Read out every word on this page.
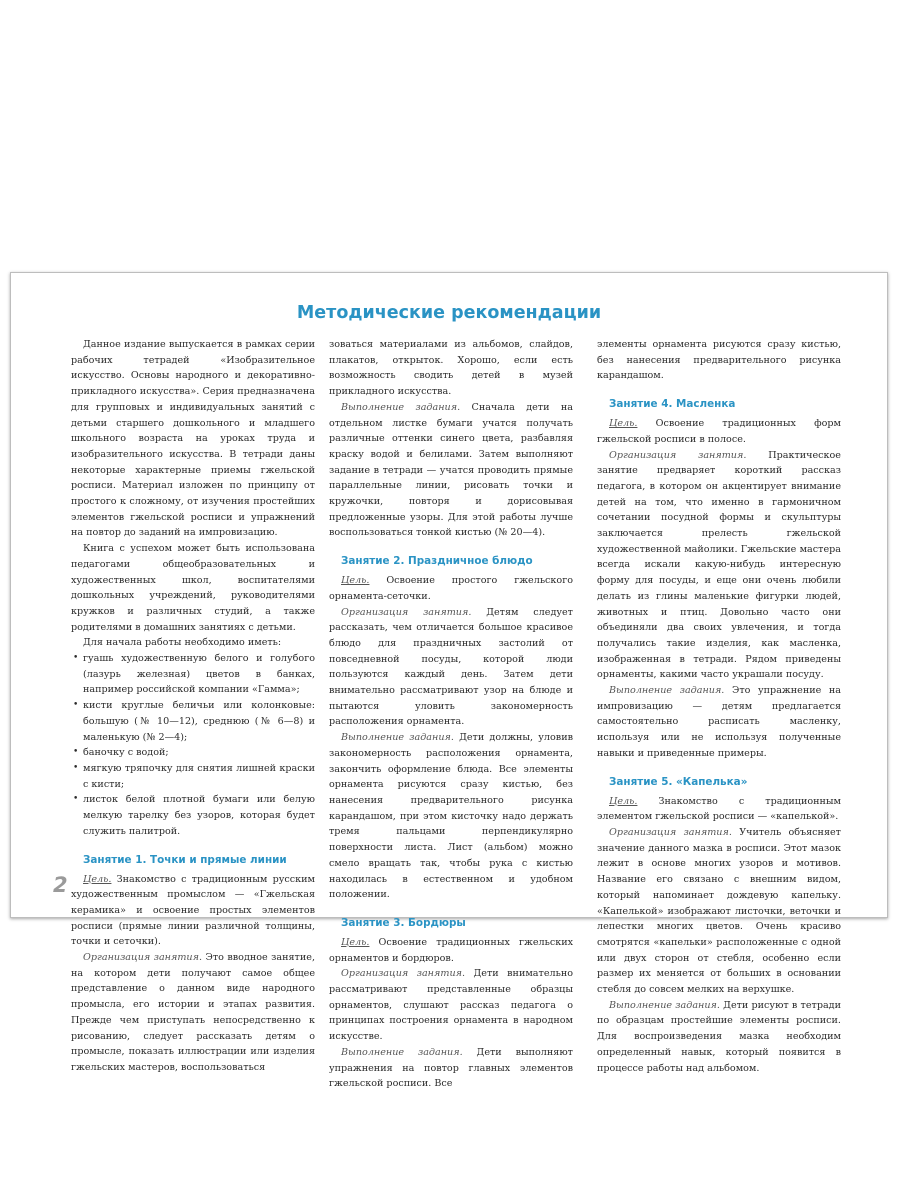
Методические рекомендации

Данное издание выпускается в рамках серии рабочих тетрадей «Изобразительное искусство. Основы народного и декоративно-прикладного искусства». Серия предназначена для групповых и индивидуальных занятий с детьми старшего дошкольного и младшего школьного возраста на уроках труда и изобразительного искусства. В тетради даны некоторые характерные приемы гжельской росписи. Материал изложен по принципу от простого к сложному, от изучения простейших элементов гжельской росписи и упражнений на повтор до заданий на импровизацию.

Книга с успехом может быть использована педагогами общеобразовательных и художественных школ, воспитателями дошкольных учреждений, руководителями кружков и различных студий, а также родителями в домашних занятиях с детьми.

Для начала работы необходимо иметь:

• гуашь художественную белого и голубого (лазурь железная) цветов в банках, например российской компании «Гамма»;

• кисти круглые беличьи или колонковые: большую (№ 10—12), среднюю (№ 6—8) и маленькую (№ 2—4);

• баночку с водой;

• мягкую тряпочку для снятия лишней краски с кисти;

• листок белой плотной бумаги или белую мелкую тарелку без узоров, которая будет служить палитрой.

Занятие 1. Точки и прямые линии

Цель. Знакомство с традиционным русским художественным промыслом — «Гжельская керамика» и освоение простых элементов росписи (прямые линии различной толщины, точки и сеточки).

Организация занятия. Это вводное занятие, на котором дети получают самое общее представление о данном виде народного промысла, его истории и этапах развития. Прежде чем приступать непосредственно к рисованию, следует рассказать детям о промысле, показать иллюстрации или изделия гжельских мастеров, воспользоваться

зоваться материалами из альбомов, слайдов, плакатов, открыток. Хорошо, если есть возможность сводить детей в музей прикладного искусства.

Выполнение задания. Сначала дети на отдельном листке бумаги учатся получать различные оттенки синего цвета, разбавляя краску водой и белилами. Затем выполняют задание в тетради — учатся проводить прямые параллельные линии, рисовать точки и кружочки, повторя и дорисовывая предложенные узоры. Для этой работы лучше воспользоваться тонкой кистью (№ 20—4).

Занятие 2. Праздничное блюдо

Цель. Освоение простого гжельского орнамента-сеточки.

Организация занятия. Детям следует рассказать, чем отличается большое красивое блюдо для праздничных застолий от повседневной посуды, которой люди пользуются каждый день. Затем дети внимательно рассматривают узор на блюде и пытаются уловить закономерность расположения орнамента.

Выполнение задания. Дети должны, уловив закономерность расположения орнамента, закончить оформление блюда. Все элементы орнамента рисуются сразу кистью, без нанесения предварительного рисунка карандашом, при этом кисточку надо держать тремя пальцами перпендикулярно поверхности листа. Лист (альбом) можно смело вращать так, чтобы рука с кистью находилась в естественном и удобном положении.

Занятие 3. Бордюры

Цель. Освоение традиционных гжельских орнаментов и бордюров.

Организация занятия. Дети внимательно рассматривают представленные образцы орнаментов, слушают рассказ педагога о принципах построения орнамента в народном искусстве.

Выполнение задания. Дети выполняют упражнения на повтор главных элементов гжельской росписи. Все

элементы орнамента рисуются сразу кистью, без нанесения предварительного рисунка карандашом.

Занятие 4. Масленка

Цель. Освоение традиционных форм гжельской росписи в полосе.

Организация занятия. Практическое занятие предваряет короткий рассказ педагога, в котором он акцентирует внимание детей на том, что именно в гармоничном сочетании посудной формы и скульптуры заключается прелесть гжельской художественной майолики. Гжельские мастера всегда искали какую-нибудь интересную форму для посуды, и еще они очень любили делать из глины маленькие фигурки людей, животных и птиц. Довольно часто они объединяли два своих увлечения, и тогда получались такие изделия, как масленка, изображенная в тетради. Рядом приведены орнаменты, какими часто украшали посуду.

Выполнение задания. Это упражнение на импровизацию — детям предлагается самостоятельно расписать масленку, используя или не используя полученные навыки и приведенные примеры.

Занятие 5. «Капелька»

Цель. Знакомство с традиционным элементом гжельской росписи — «капелькой».

Организация занятия. Учитель объясняет значение данного мазка в росписи. Этот мазок лежит в основе многих узоров и мотивов. Название его связано с внешним видом, который напоминает дождевую капельку. «Капелькой» изображают листочки, веточки и лепестки многих цветов. Очень красиво смотрятся «капельки» расположенные с одной или двух сторон от стебля, особенно если размер их меняется от больших в основании стебля до совсем мелких на верхушке.

Выполнение задания. Дети рисуют в тетради по образцам простейшие элементы росписи. Для воспроизведения мазка необходим определенный навык, который появится в процессе работы над альбомом.

2
